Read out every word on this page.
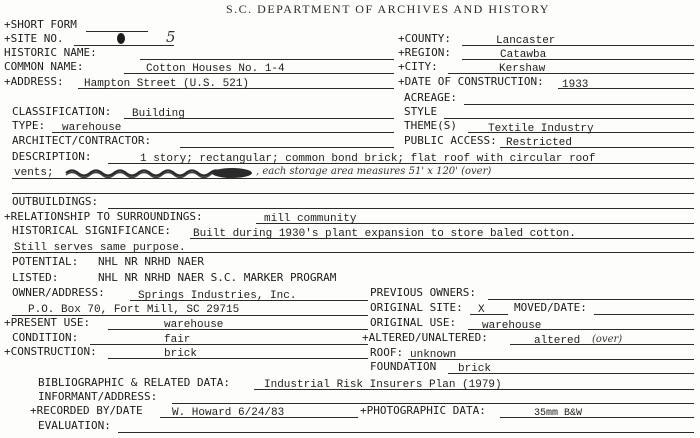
S.C. DEPARTMENT OF ARCHIVES AND HISTORY
+SHORT FORM
+SITE NO.	5	+COUNTY:	Lancaster
HISTORIC NAME:	+REGION:	Catawba
COMMON NAME:	Cotton Houses No. 1-4	+CITY:	Kershaw
+ADDRESS: Hampton Street (U.S. 521)	+DATE OF CONSTRUCTION: 1933
ACREAGE:
CLASSIFICATION: Building	STYLE
TYPE: warehouse	THEME(S)	Textile Industry
ARCHITECT/CONTRACTOR:	PUBLIC ACCESS: Restricted
DESCRIPTION:	1 story; rectangular; common bond brick; flat roof with circular roof
vents;	, each storage area measures 51' x 120' (over)
OUTBUILDINGS:
+RELATIONSHIP TO SURROUNDINGS:	mill community
HISTORICAL SIGNIFICANCE: Built during 1930's plant expansion to store baled cotton.
Still serves same purpose.
POTENTIAL: NHL NR NRHD NAER
LISTED:	NHL NR NRHD NAER S.C. MARKER PROGRAM
OWNER/ADDRESS:	Springs Industries, Inc.	PREVIOUS OWNERS:
P.O. Box 70, Fort Mill, SC 29715	ORIGINAL SITE: X	MOVED/DATE:
+PRESENT USE:	warehouse	ORIGINAL USE: warehouse
CONDITION:	fair	+ALTERED/UNALTERED:	altered (over)
+CONSTRUCTION:	brick	ROOF: unknown
FOUNDATION brick
BIBLIOGRAPHIC & RELATED DATA:	Industrial Risk Insurers Plan (1979)
INFORMANT/ADDRESS:
+RECORDED BY/DATE	W. Howard 6/24/83	+PHOTOGRAPHIC DATA:	35mm B&W
EVALUATION:
